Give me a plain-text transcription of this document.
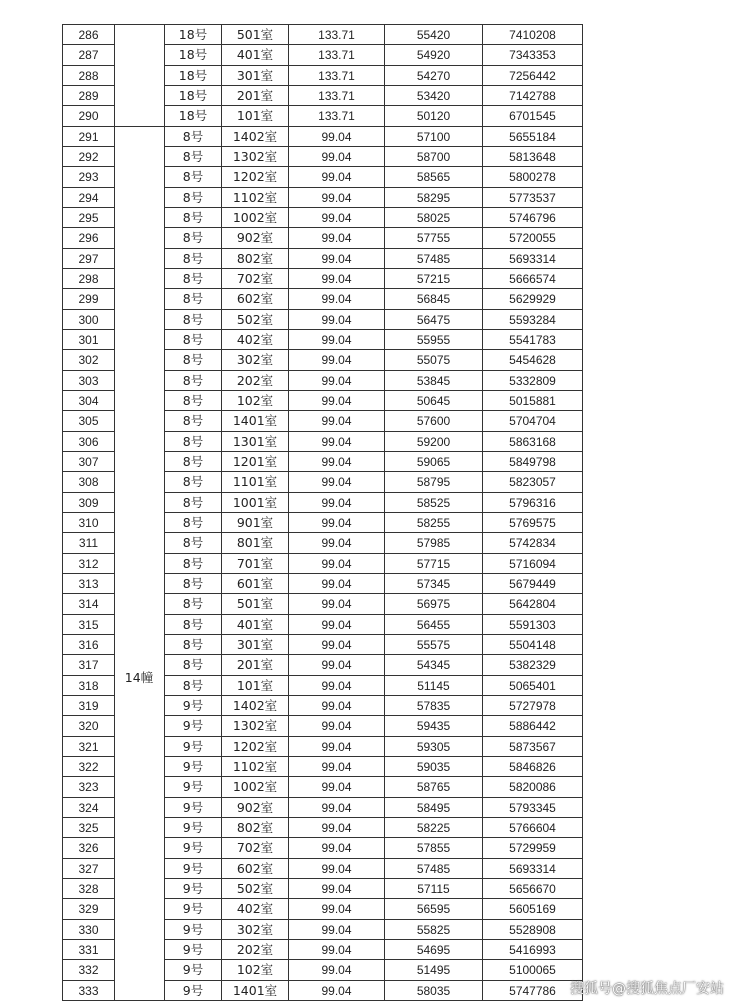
14幢
286	18号	501室	133.71	55420	7410208
287	18号	401室	133.71	54920	7343353
288	18号	301室	133.71	54270	7256442
289	18号	201室	133.71	53420	7142788
290	18号	101室	133.71	50120	6701545
291	8号	1402室	99.04	57100	5655184
292	8号	1302室	99.04	58700	5813648
293	8号	1202室	99.04	58565	5800278
294	8号	1102室	99.04	58295	5773537
295	8号	1002室	99.04	58025	5746796
296	8号	902室	99.04	57755	5720055
297	8号	802室	99.04	57485	5693314
298	8号	702室	99.04	57215	5666574
299	8号	602室	99.04	56845	5629929
300	8号	502室	99.04	56475	5593284
301	8号	402室	99.04	55955	5541783
302	8号	302室	99.04	55075	5454628
303	8号	202室	99.04	53845	5332809
304	8号	102室	99.04	50645	5015881
305	8号	1401室	99.04	57600	5704704
306	8号	1301室	99.04	59200	5863168
307	8号	1201室	99.04	59065	5849798
308	8号	1101室	99.04	58795	5823057
309	8号	1001室	99.04	58525	5796316
310	8号	901室	99.04	58255	5769575
311	8号	801室	99.04	57985	5742834
312	8号	701室	99.04	57715	5716094
313	8号	601室	99.04	57345	5679449
314	8号	501室	99.04	56975	5642804
315	8号	401室	99.04	56455	5591303
316	8号	301室	99.04	55575	5504148
317	8号	201室	99.04	54345	5382329
318	8号	101室	99.04	51145	5065401
319	9号	1402室	99.04	57835	5727978
320	9号	1302室	99.04	59435	5886442
321	9号	1202室	99.04	59305	5873567
322	9号	1102室	99.04	59035	5846826
323	9号	1002室	99.04	58765	5820086
324	9号	902室	99.04	58495	5793345
325	9号	802室	99.04	58225	5766604
326	9号	702室	99.04	57855	5729959
327	9号	602室	99.04	57485	5693314
328	9号	502室	99.04	57115	5656670
329	9号	402室	99.04	56595	5605169
330	9号	302室	99.04	55825	5528908
331	9号	202室	99.04	54695	5416993
332	9号	102室	99.04	51495	5100065
333	9号	1401室	99.04	58035	5747786	搜狐号@搜狐焦点厂安站
